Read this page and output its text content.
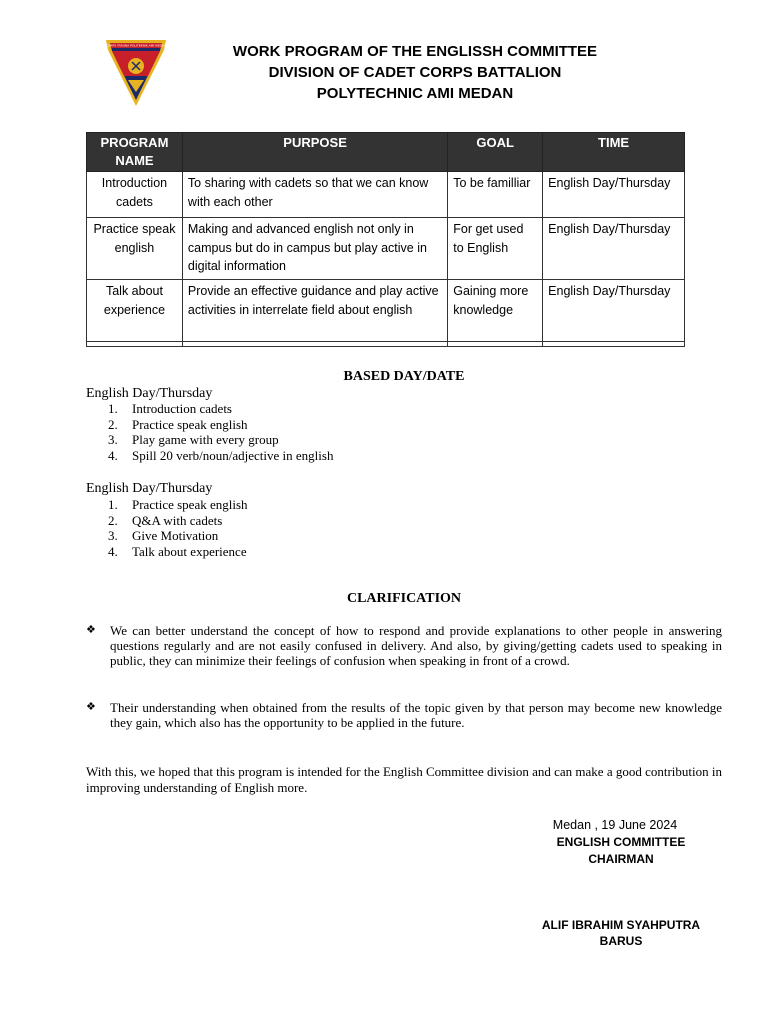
CORPS TARUNA POLITEKNIK AMI MEDAN	WORK PROGRAM OF THE ENGLISSH COMMITTEE
DIVISION OF CADET CORPS BATTALION
POLYTECHNIC AMI MEDAN
PROGRAM NAME	PURPOSE	GOAL	TIME
Introduction cadets	To sharing with cadets so that we can know with each other	To be familliar	English Day/Thursday
Practice speak english	Making and advanced english not only in campus but do in campus but play active in digital information	For get used to English	English Day/Thursday
Talk about experience	Provide an effective guidance and play active activities in interrelate field about english	Gaining more knowledge	English Day/Thursday

BASED DAY/DATE
English Day/Thursday
1.	Introduction cadets
2.	Practice speak english
3.	Play game with every group
4.	Spill 20 verb/noun/adjective in english
English Day/Thursday
1.	Practice speak english
2.	Q&A with cadets
3.	Give Motivation
4.	Talk about experience
CLARIFICATION
❖	We can better understand the concept of how to respond and provide explanations to other people in answering questions regularly and are not easily confused in delivery. And also, by giving/getting cadets used to speaking in public, they can minimize their feelings of confusion when speaking in front of a crowd.
❖	Their understanding when obtained from the results of the topic given by that person may become new knowledge they gain, which also has the opportunity to be applied in the future.
With this, we hoped that this program is intended for the English Committee division and can make a good contribution in improving understanding of English more.
Medan , 19 June 2024
ENGLISH COMMITTEE
CHAIRMAN
ALIF IBRAHIM SYAHPUTRA
BARUS
